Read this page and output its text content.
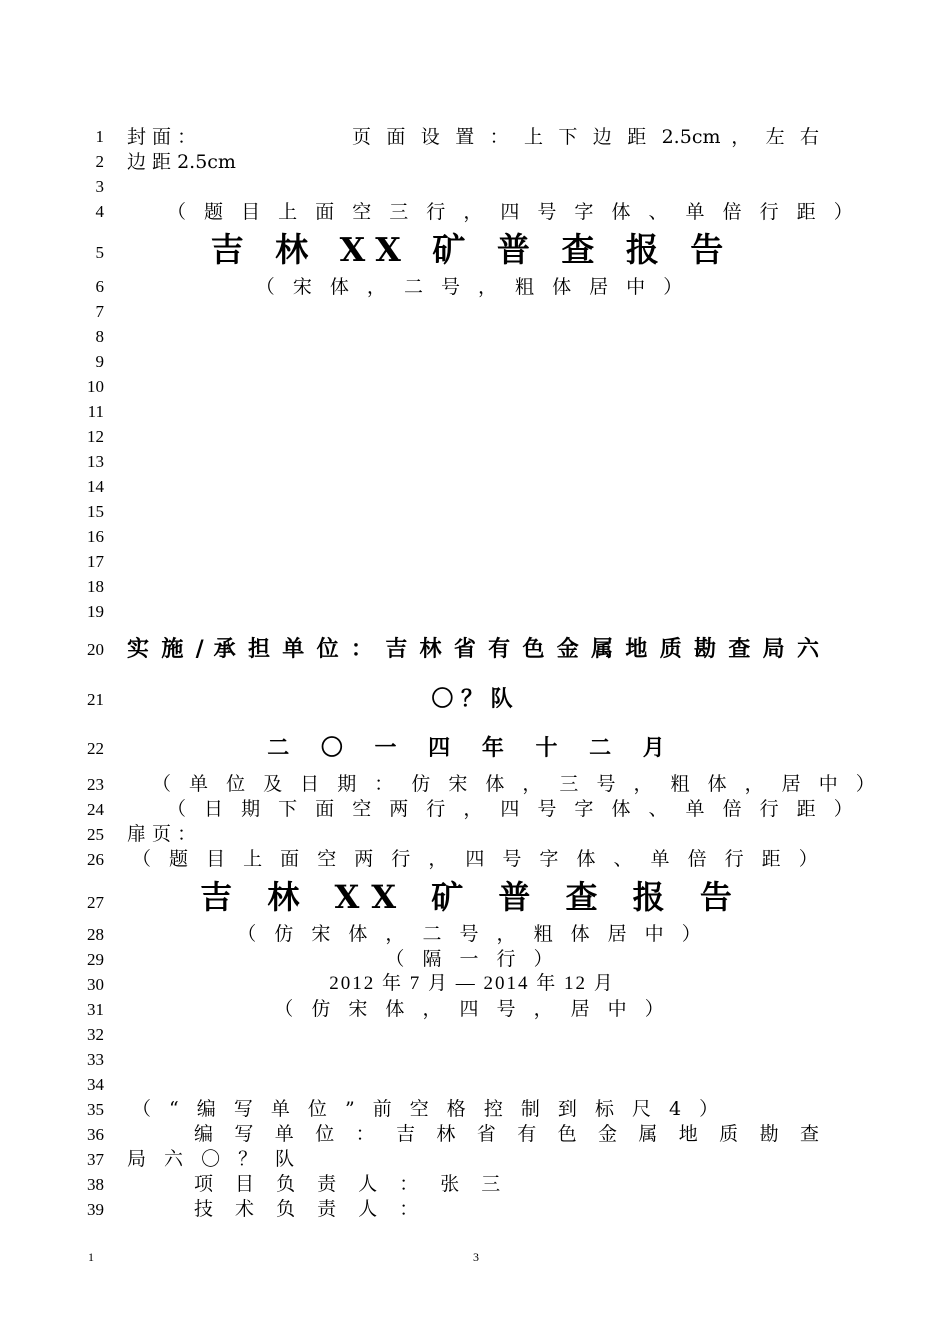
1
2
3
4
5
6
7
8
9
10
11
12
13
14
15
16
17
18
19
20
21
22
23
24
25
26
27
28
29
30
31
32
33
34
35
36
37
38
39
封 面 ：	页 面 设 置 ： 上 下 边 距 2.5cm ， 左 右
边 距 2.5cm
（ 题 目 上 面 空 三 行 ， 四 号 字 体 、 单 倍 行 距 ）
吉 林 XX 矿 普 查 报 告
（ 宋 体 ， 二 号 ， 粗 体 居 中 ）
实 施 / 承 担 单 位 ： 吉 林 省 有 色 金 属 地 质 勘 查 局 六
〇 ？ 队
二 〇 一 四 年 十 二 月
（ 单 位 及 日 期 ： 仿 宋 体 ， 三 号 ， 粗 体 ， 居 中 ）
（ 日 期 下 面 空 两 行 ， 四 号 字 体 、 单 倍 行 距 ）
扉 页 ：
（ 题 目 上 面 空 两 行 ， 四 号 字 体 、 单 倍 行 距 ）
吉 林 XX 矿 普 查 报 告
（ 仿 宋 体 ， 二 号 ， 粗 体 居 中 ）
（ 隔 一 行 ）
2012 年 7 月 — 2014 年 12 月
（ 仿 宋 体 ， 四 号 ， 居 中 ）
（ “ 编 写 单 位 ” 前 空 格 控 制 到 标 尺 4 ）
编 写 单 位 ： 吉 林 省 有 色 金 属 地 质 勘 查
局 六 〇 ？ 队
项 目 负 责 人 ： 张 三
技 术 负 责 人 ：
1	3
